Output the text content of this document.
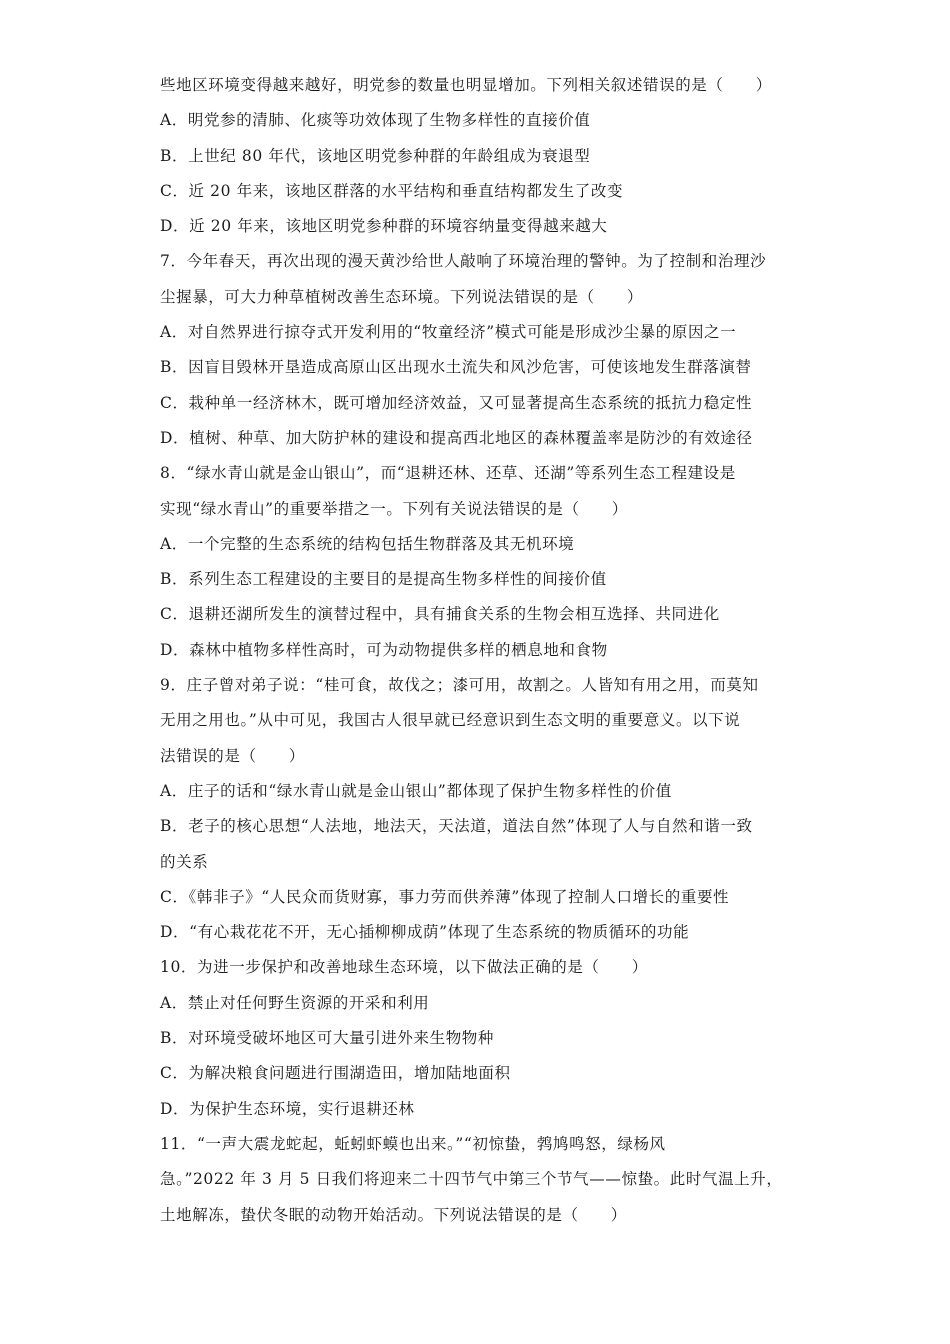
些地区环境变得越来越好，明党参的数量也明显增加。下列相关叙述错误的是（　　）
A．明党参的清肺、化痰等功效体现了生物多样性的直接价值
B．上世纪 80 年代，该地区明党参种群的年龄组成为衰退型
C．近 20 年来，该地区群落的水平结构和垂直结构都发生了改变
D．近 20 年来，该地区明党参种群的环境容纳量变得越来越大
7．今年春天，再次出现的漫天黄沙给世人敲响了环境治理的警钟。为了控制和治理沙
尘握暴，可大力种草植树改善生态环境。下列说法错误的是（　　）
A．对自然界进行掠夺式开发利用的“牧童经济”模式可能是形成沙尘暴的原因之一
B．因盲目毁林开垦造成高原山区出现水土流失和风沙危害，可使该地发生群落演替
C．栽种单一经济林木，既可增加经济效益，又可显著提高生态系统的抵抗力稳定性
D．植树、种草、加大防护林的建设和提高西北地区的森林覆盖率是防沙的有效途径
8．“绿水青山就是金山银山”，而“退耕还林、还草、还湖”等系列生态工程建设是
实现“绿水青山”的重要举措之一。下列有关说法错误的是（　　）
A．一个完整的生态系统的结构包括生物群落及其无机环境
B．系列生态工程建设的主要目的是提高生物多样性的间接价值
C．退耕还湖所发生的演替过程中，具有捕食关系的生物会相互选择、共同进化
D．森林中植物多样性高时，可为动物提供多样的栖息地和食物
9．庄子曾对弟子说：“桂可食，故伐之；漆可用，故割之。人皆知有用之用，而莫知
无用之用也。”从中可见，我国古人很早就已经意识到生态文明的重要意义。以下说
法错误的是（　　）
A．庄子的话和“绿水青山就是金山银山”都体现了保护生物多样性的价值
B．老子的核心思想“人法地，地法天，天法道，道法自然”体现了人与自然和谐一致
的关系
C．《韩非子》“人民众而货财寡，事力劳而供养薄”体现了控制人口增长的重要性
D．“有心栽花花不开，无心插柳柳成荫”体现了生态系统的物质循环的功能
10．为进一步保护和改善地球生态环境，以下做法正确的是（　　）
A．禁止对任何野生资源的开采和利用
B．对环境受破坏地区可大量引进外来生物物种
C．为解决粮食问题进行围湖造田，增加陆地面积
D．为保护生态环境，实行退耕还林
11．“一声大震龙蛇起，蚯蚓虾蟆也出来。”“初惊蛰，鹁鸠鸣怒，绿杨风
急。”2022 年 3 月 5 日我们将迎来二十四节气中第三个节气——惊蛰。此时气温上升，
土地解冻，蛰伏冬眠的动物开始活动。下列说法错误的是（　　）
